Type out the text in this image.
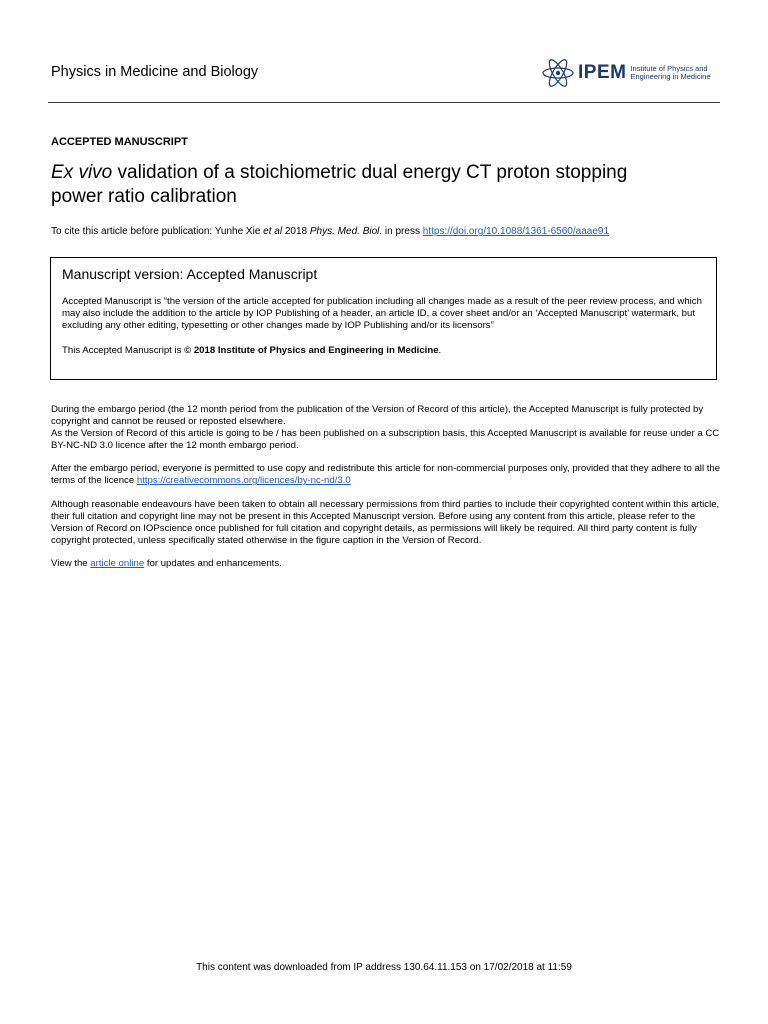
Physics in Medicine and Biology	IPEM Institute of Physics and
Engineering in Medicine
ACCEPTED MANUSCRIPT
Ex vivo validation of a stoichiometric dual energy CT proton stopping
power ratio calibration
To cite this article before publication: Yunhe Xie et al 2018 Phys. Med. Biol. in press https://doi.org/10.1088/1361-6560/aaae91
Manuscript version: Accepted Manuscript
Accepted Manuscript is “the version of the article accepted for publication including all changes made as a result of the peer review process, and which may also include the addition to the article by IOP Publishing of a header, an article ID, a cover sheet and/or an ‘Accepted Manuscript’ watermark, but excluding any other editing, typesetting or other changes made by IOP Publishing and/or its licensors”
This Accepted Manuscript is © 2018 Institute of Physics and Engineering in Medicine.
During the embargo period (the 12 month period from the publication of the Version of Record of this article), the Accepted Manuscript is fully protected by copyright and cannot be reused or reposted elsewhere.
As the Version of Record of this article is going to be / has been published on a subscription basis, this Accepted Manuscript is available for reuse under a CC BY-NC-ND 3.0 licence after the 12 month embargo period.
After the embargo period, everyone is permitted to use copy and redistribute this article for non-commercial purposes only, provided that they adhere to all the terms of the licence https://creativecommons.org/licences/by-nc-nd/3.0
Although reasonable endeavours have been taken to obtain all necessary permissions from third parties to include their copyrighted content within this article, their full citation and copyright line may not be present in this Accepted Manuscript version. Before using any content from this article, please refer to the Version of Record on IOPscience once published for full citation and copyright details, as permissions will likely be required. All third party content is fully copyright protected, unless specifically stated otherwise in the figure caption in the Version of Record.
View the article online for updates and enhancements.
This content was downloaded from IP address 130.64.11.153 on 17/02/2018 at 11:59
